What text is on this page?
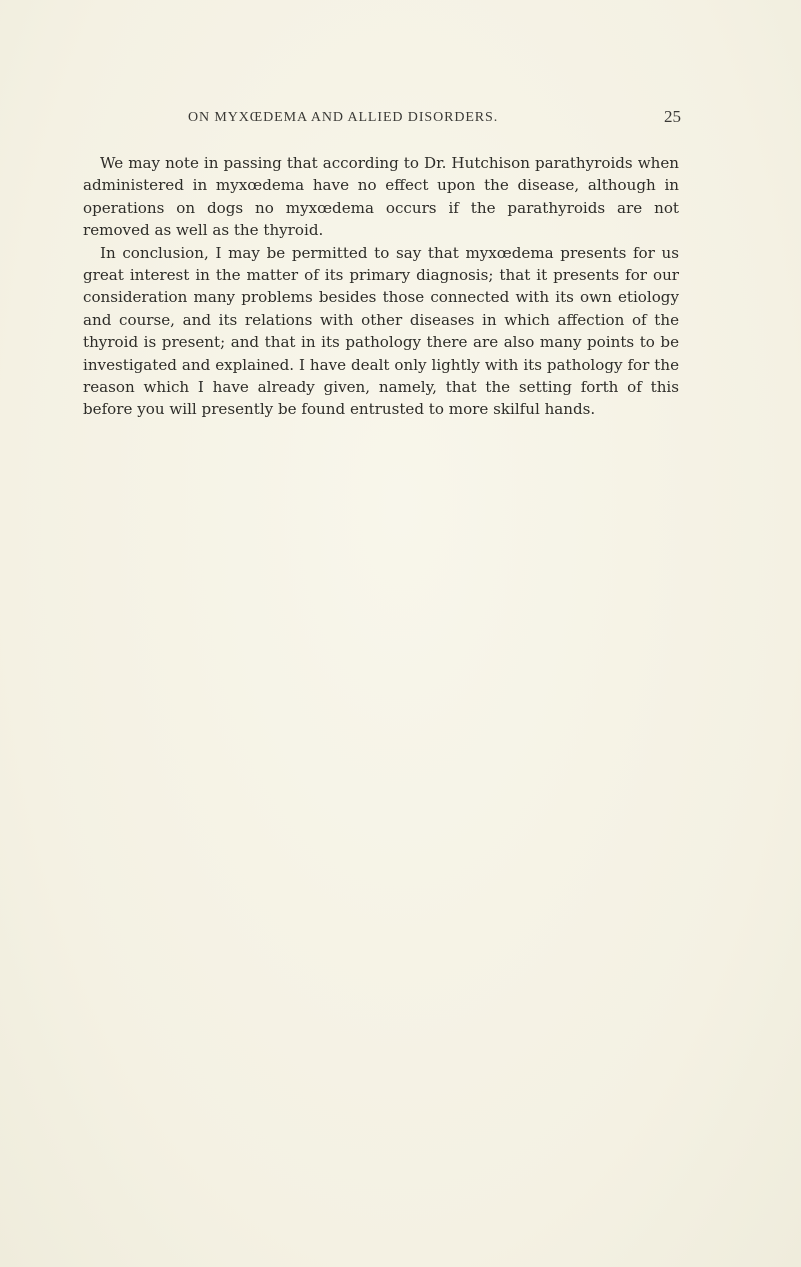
ON MYXŒDEMA AND ALLIED DISORDERS.	25

We may note in passing that according to Dr. Hutchison parathyroids when administered in myxœdema have no effect upon the disease, although in operations on dogs no myxœdema occurs if the parathyroids are not removed as well as the thyroid.

In conclusion, I may be permitted to say that myxœdema presents for us great interest in the matter of its primary diagnosis; that it presents for our consideration many problems besides those connected with its own etiology and course, and its relations with other diseases in which affection of the thyroid is present; and that in its pathology there are also many points to be investigated and explained. I have dealt only lightly with its pathology for the reason which I have already given, namely, that the setting forth of this before you will presently be found entrusted to more skilful hands.
